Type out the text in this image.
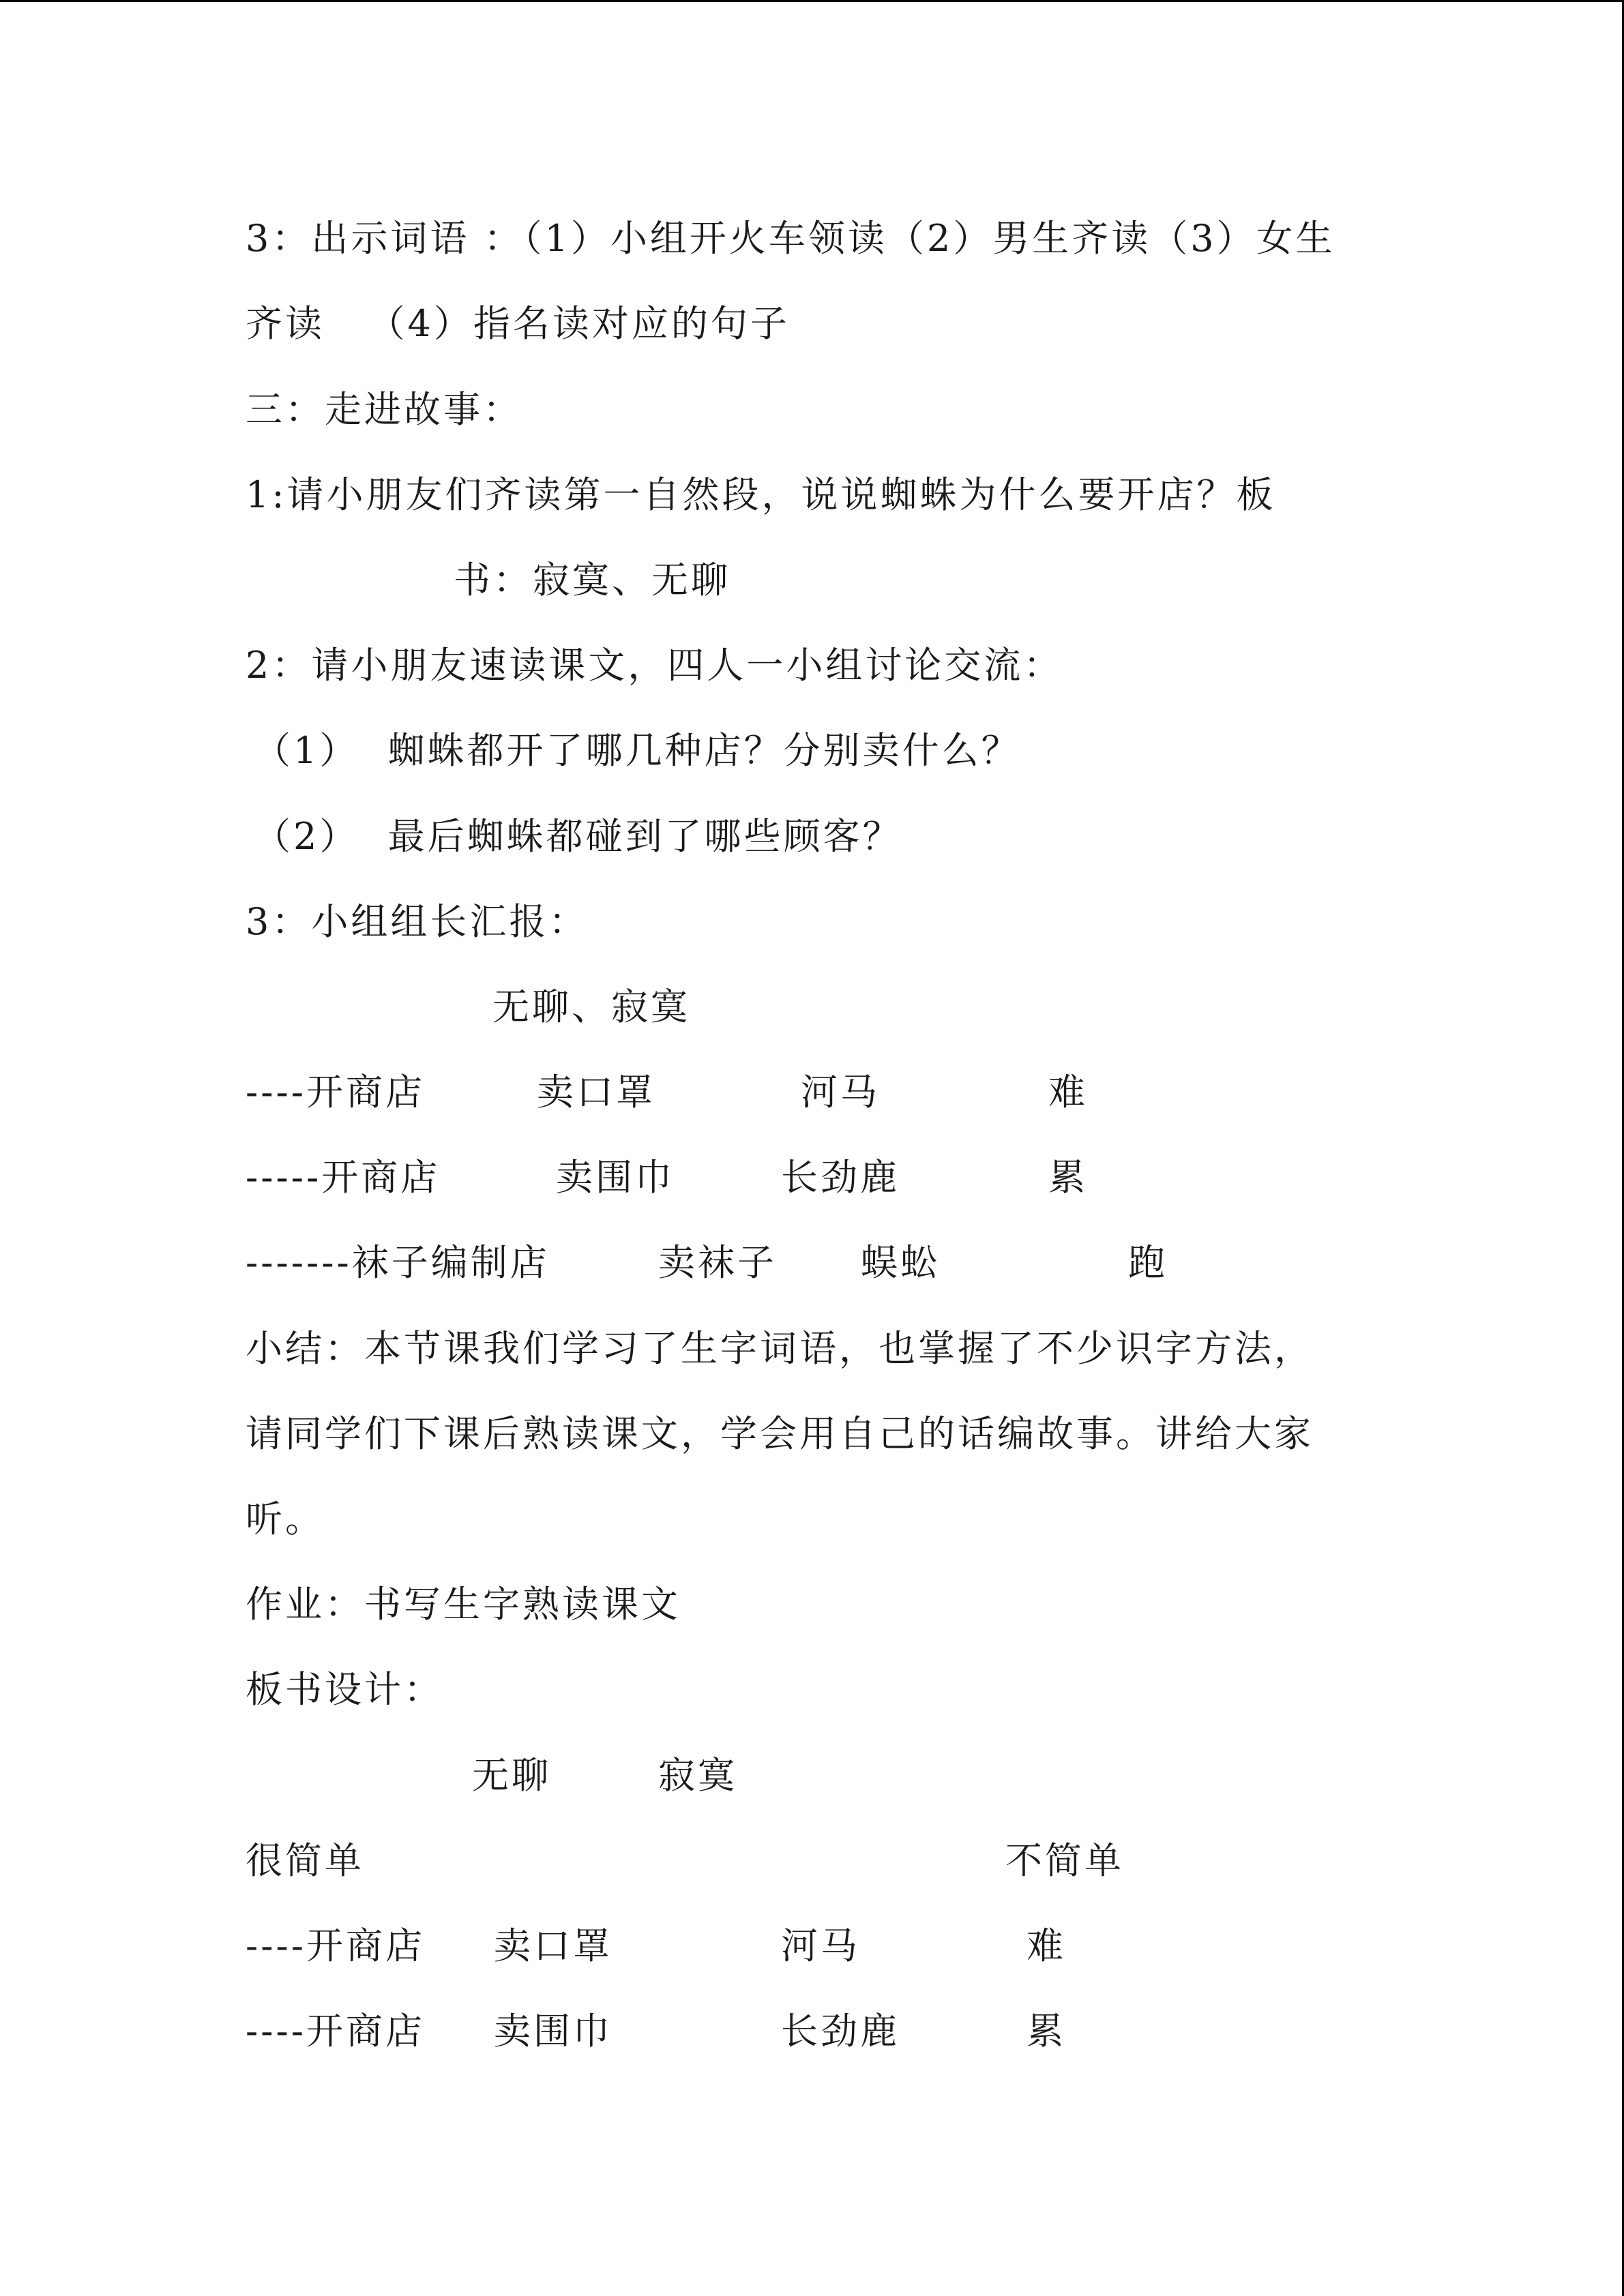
3：出示词语 ：（1）小组开火车领读（2）男生齐读（3）女生
齐读   （4）指名读对应的句子
三：走进故事：
1:请小朋友们齐读第一自然段，说说蜘蛛为什么要开店？板
书：寂寞、无聊
2：请小朋友速读课文，四人一小组讨论交流：
（1）  蜘蛛都开了哪几种店？分别卖什么？
（2）  最后蜘蛛都碰到了哪些顾客？
3：小组组长汇报：
无聊、寂寞
----开商店	卖口罩	河马	难
-----开商店	卖围巾	长劲鹿	累
-------袜子编制店	卖袜子 蜈蚣	跑
小结：本节课我们学习了生字词语，也掌握了不少识字方法，
请同学们下课后熟读课文，学会用自己的话编故事。讲给大家
听。
作业：书写生字熟读课文
板书设计：
无聊	寂寞
很简单	不简单
----开商店 卖口罩	河马	难
----开商店 卖围巾	长劲鹿	累
